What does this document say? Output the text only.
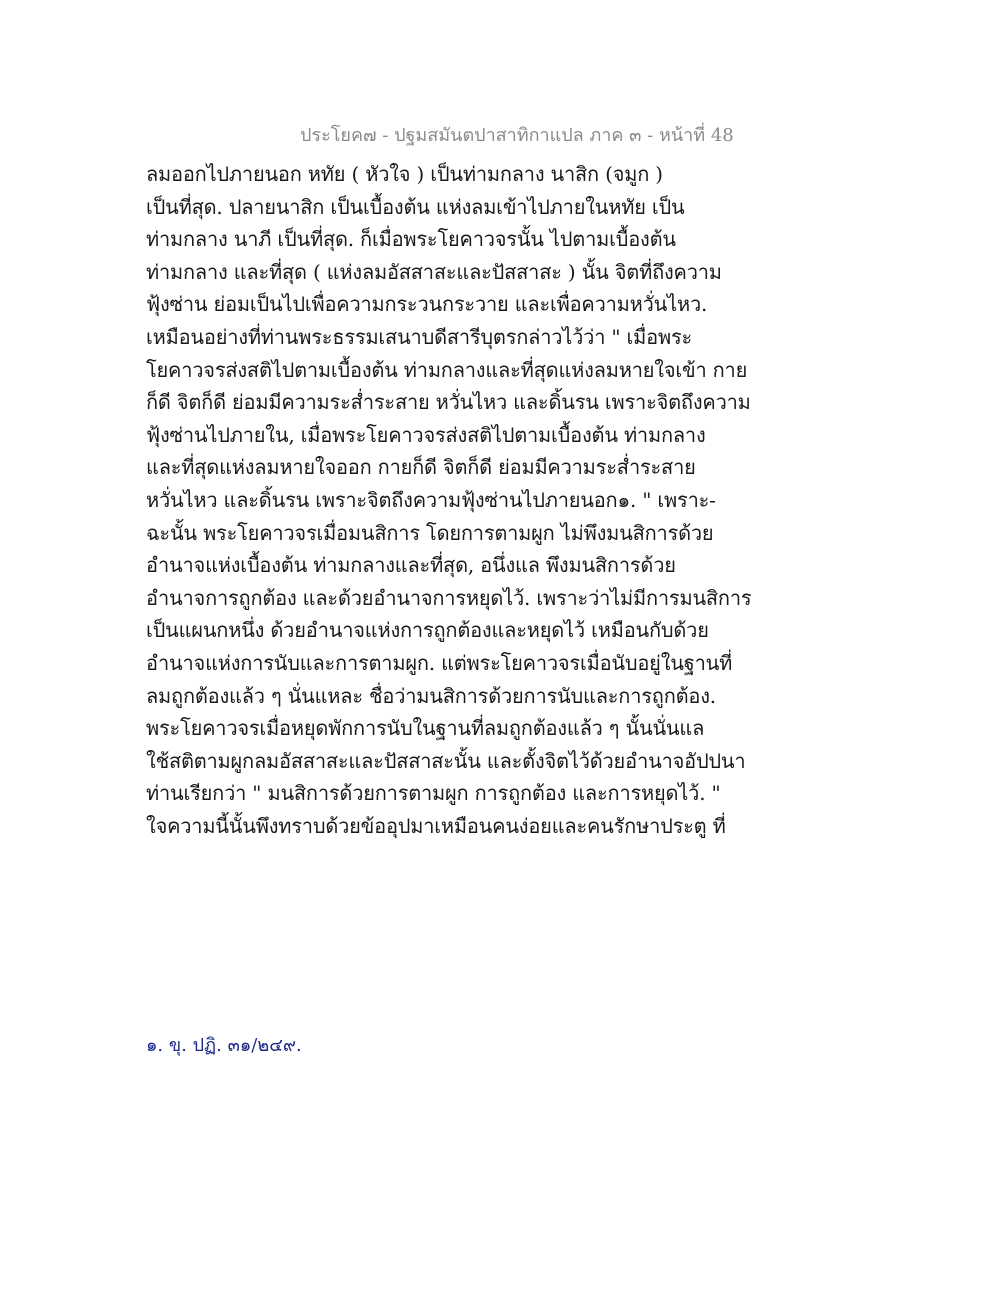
ประโยค๗ - ปฐมสมันตปาสาทิกาแปล ภาค ๓ - หน้าที่ 48
ลมออกไปภายนอก หทัย ( หัวใจ ) เป็นท่ามกลาง นาสิก (จมูก )
เป็นที่สุด. ปลายนาสิก เป็นเบื้องต้น แห่งลมเข้าไปภายในหทัย เป็น
ท่ามกลาง นาภี เป็นที่สุด. ก็เมื่อพระโยคาวจรนั้น ไปตามเบื้องต้น
ท่ามกลาง และที่สุด ( แห่งลมอัสสาสะและปัสสาสะ ) นั้น จิตที่ถึงความ
ฟุ้งซ่าน ย่อมเป็นไปเพื่อความกระวนกระวาย และเพื่อความหวั่นไหว.
เหมือนอย่างที่ท่านพระธรรมเสนาบดีสารีบุตรกล่าวไว้ว่า " เมื่อพระ
โยคาวจรส่งสติไปตามเบื้องต้น ท่ามกลางและที่สุดแห่งลมหายใจเข้า กาย
ก็ดี จิตก็ดี ย่อมมีความระส่ำระสาย หวั่นไหว และดิ้นรน เพราะจิตถึงความ
ฟุ้งซ่านไปภายใน, เมื่อพระโยคาวจรส่งสติไปตามเบื้องต้น ท่ามกลาง
และที่สุดแห่งลมหายใจออก กายก็ดี จิตก็ดี ย่อมมีความระส่ำระสาย
หวั่นไหว และดิ้นรน เพราะจิตถึงความฟุ้งซ่านไปภายนอก๑. " เพราะ-
ฉะนั้น พระโยคาวจรเมื่อมนสิการ โดยการตามผูก ไม่พึงมนสิการด้วย
อำนาจแห่งเบื้องต้น ท่ามกลางและที่สุด, อนึ่งแล พึงมนสิการด้วย
อำนาจการถูกต้อง และด้วยอำนาจการหยุดไว้. เพราะว่าไม่มีการมนสิการ
เป็นแผนกหนึ่ง ด้วยอำนาจแห่งการถูกต้องและหยุดไว้ เหมือนกับด้วย
อำนาจแห่งการนับและการตามผูก. แต่พระโยคาวจรเมื่อนับอยู่ในฐานที่
ลมถูกต้องแล้ว ๆ นั่นแหละ ชื่อว่ามนสิการด้วยการนับและการถูกต้อง.
พระโยคาวจรเมื่อหยุดพักการนับในฐานที่ลมถูกต้องแล้ว ๆ นั้นนั่นแล
ใช้สติตามผูกลมอัสสาสะและปัสสาสะนั้น และตั้งจิตไว้ด้วยอำนาจอัปปนา
ท่านเรียกว่า " มนสิการด้วยการตามผูก การถูกต้อง และการหยุดไว้. "
ใจความนี้นั้นพึงทราบด้วยข้ออุปมาเหมือนคนง่อยและคนรักษาประตู ที่
๑. ขุ. ปฏิ. ๓๑/๒๔๙.
